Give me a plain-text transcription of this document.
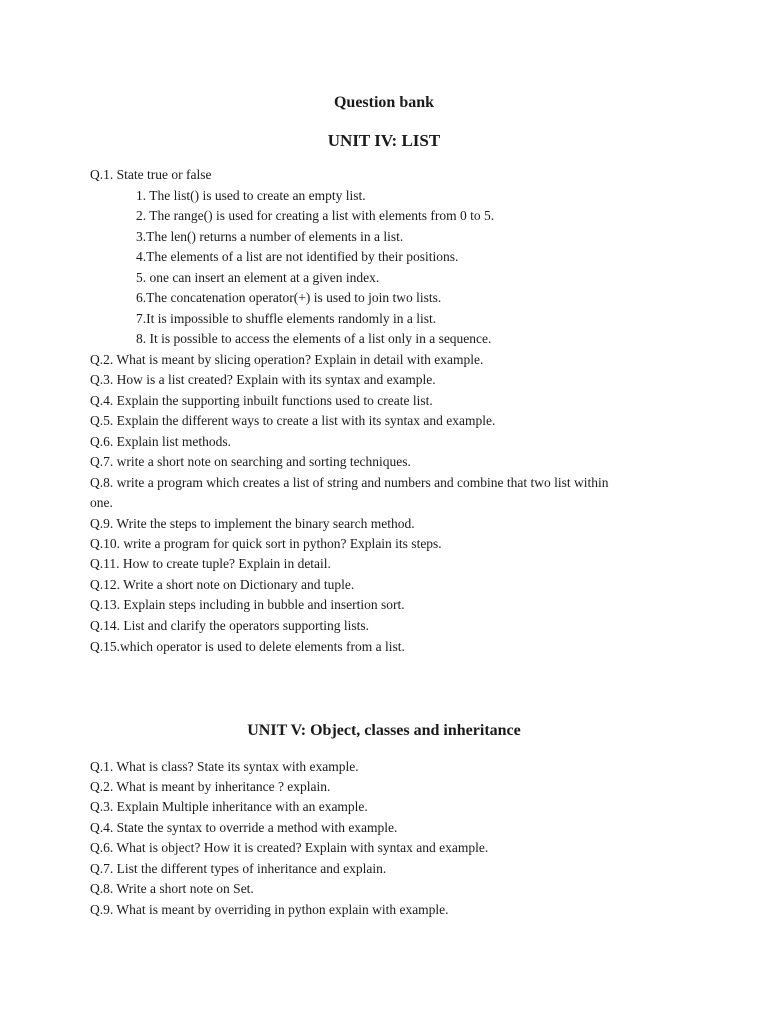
Question bank
UNIT IV: LIST
Q.1. State true or false
1. The list() is used to create an empty list.
2. The range() is used for creating a list with elements from 0 to 5.
3.The len() returns a number of elements in a list.
4.The elements of a list are not identified by their positions.
5. one can insert an element at a given index.
6.The concatenation operator(+) is used to join two lists.
7.It is impossible to shuffle elements randomly in a list.
8. It is possible to access the elements of a list only in a sequence.
Q.2. What is meant by slicing operation? Explain in detail with example.
Q.3. How is a list created? Explain with its syntax and example.
Q.4. Explain the supporting inbuilt functions used to create list.
Q.5. Explain the different ways to create a list with its syntax and example.
Q.6. Explain list methods.
Q.7. write a short note on searching and sorting techniques.
Q.8. write a program which creates a list of string and numbers and combine that two list within
one.
Q.9. Write the steps to implement the binary search method.
Q.10. write a program for quick sort in python? Explain its steps.
Q.11. How to create tuple? Explain in detail.
Q.12. Write a short note on Dictionary and tuple.
Q.13. Explain steps including in bubble and insertion sort.
Q.14. List and clarify the operators supporting lists.
Q.15.which operator is used to delete elements from a list.
UNIT V: Object, classes and inheritance
Q.1. What is class? State its syntax with example.
Q.2. What is meant by inheritance ? explain.
Q.3. Explain Multiple inheritance with an example.
Q.4. State the syntax to override a method with example.
Q.6. What is object? How it is created? Explain with syntax and example.
Q.7. List the different types of inheritance and explain.
Q.8. Write a short note on Set.
Q.9. What is meant by overriding in python explain with example.
